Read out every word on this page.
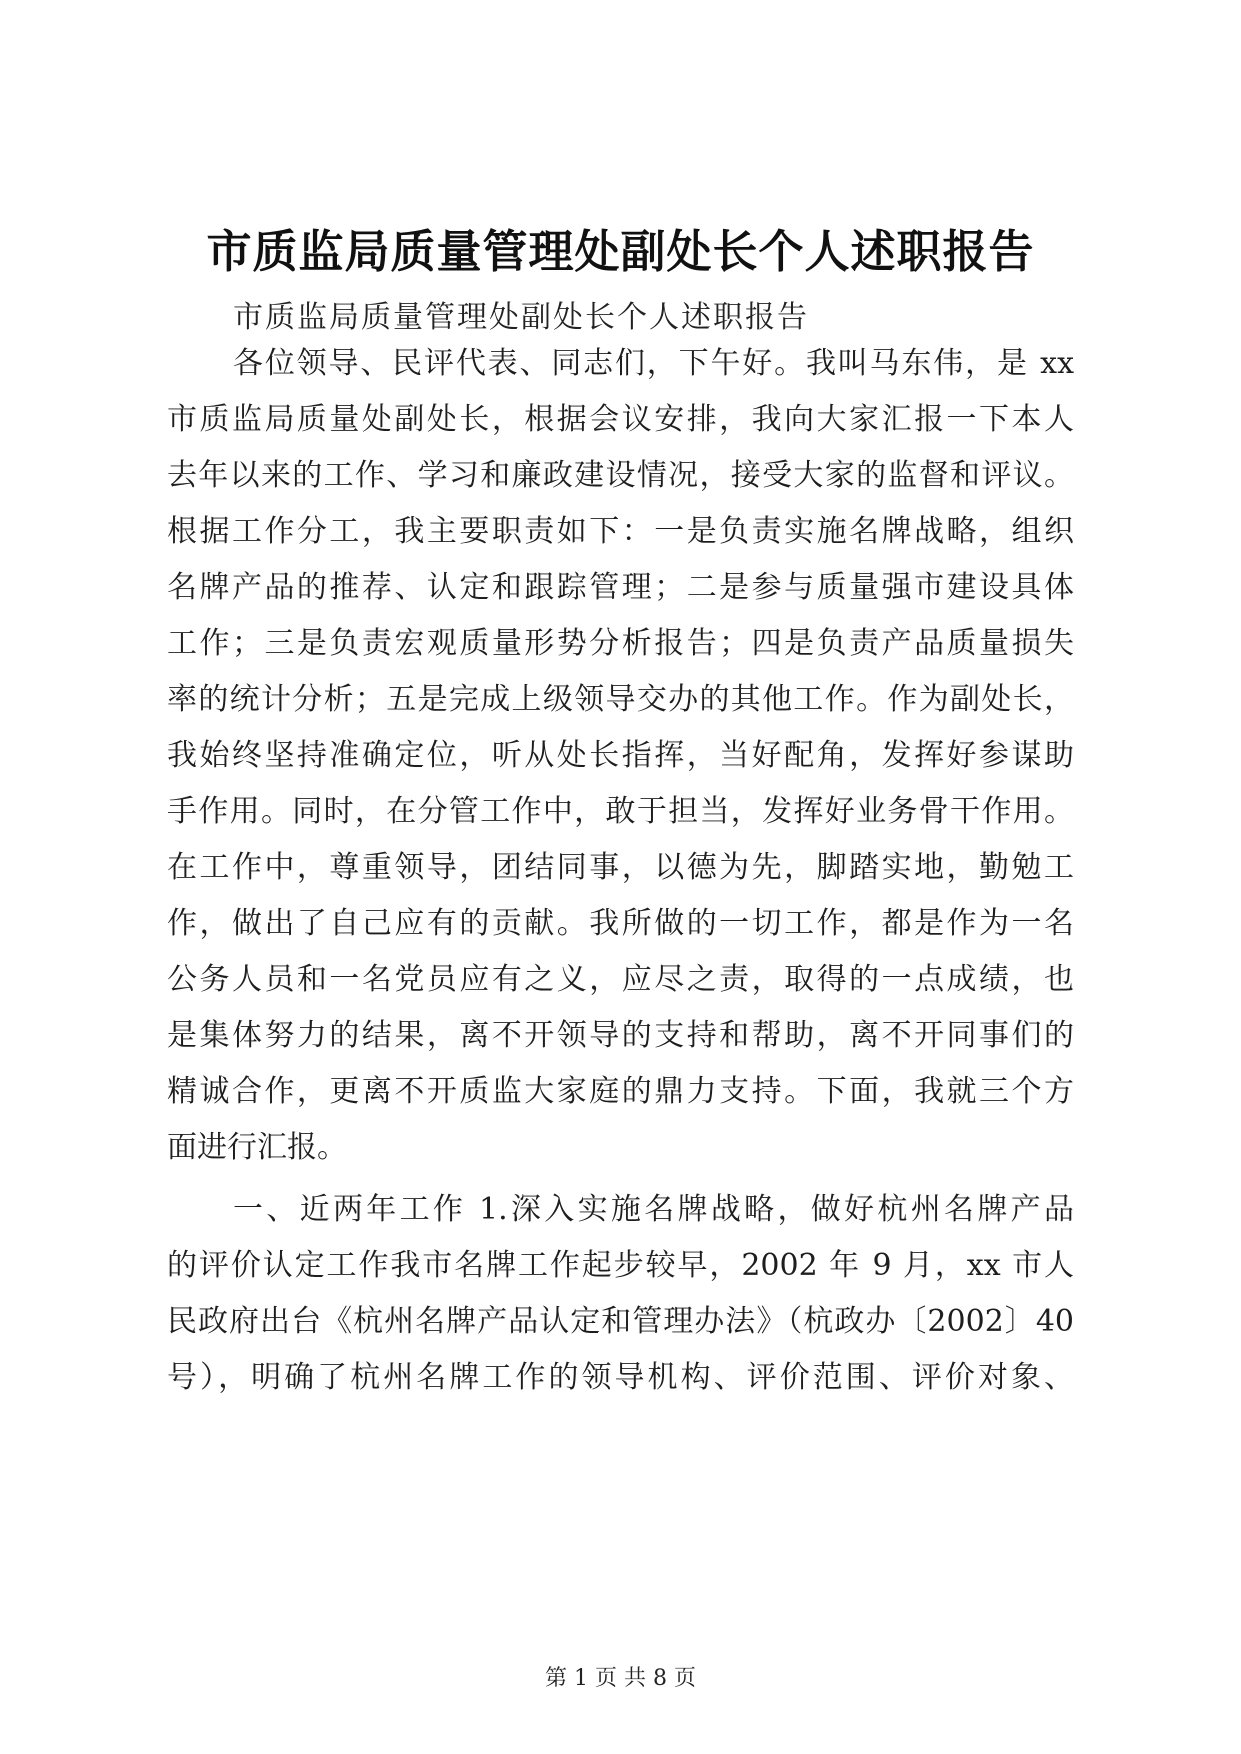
市质监局质量管理处副处长个人述职报告
市质监局质量管理处副处长个人述职报告
各位领导、民评代表、同志们，下午好。我叫马东伟，是 xx
市质监局质量处副处长，根据会议安排，我向大家汇报一下本人
去年以来的工作、学习和廉政建设情况，接受大家的监督和评议。
根据工作分工，我主要职责如下：一是负责实施名牌战略，组织
名牌产品的推荐、认定和跟踪管理；二是参与质量强市建设具体
工作；三是负责宏观质量形势分析报告；四是负责产品质量损失
率的统计分析；五是完成上级领导交办的其他工作。作为副处长，
我始终坚持准确定位，听从处长指挥，当好配角，发挥好参谋助
手作用。同时，在分管工作中，敢于担当，发挥好业务骨干作用。
在工作中，尊重领导，团结同事，以德为先，脚踏实地，勤勉工
作，做出了自己应有的贡献。我所做的一切工作，都是作为一名
公务人员和一名党员应有之义，应尽之责，取得的一点成绩，也
是集体努力的结果，离不开领导的支持和帮助，离不开同事们的
精诚合作，更离不开质监大家庭的鼎力支持。下面，我就三个方
面进行汇报。
一、近两年工作 1.深入实施名牌战略，做好杭州名牌产品
的评价认定工作我市名牌工作起步较早，2002 年 9 月，xx 市人
民政府出台《杭州名牌产品认定和管理办法》（杭政办〔2002〕40
号），明确了杭州名牌工作的领导机构、评价范围、评价对象、
第 1 页 共 8 页
